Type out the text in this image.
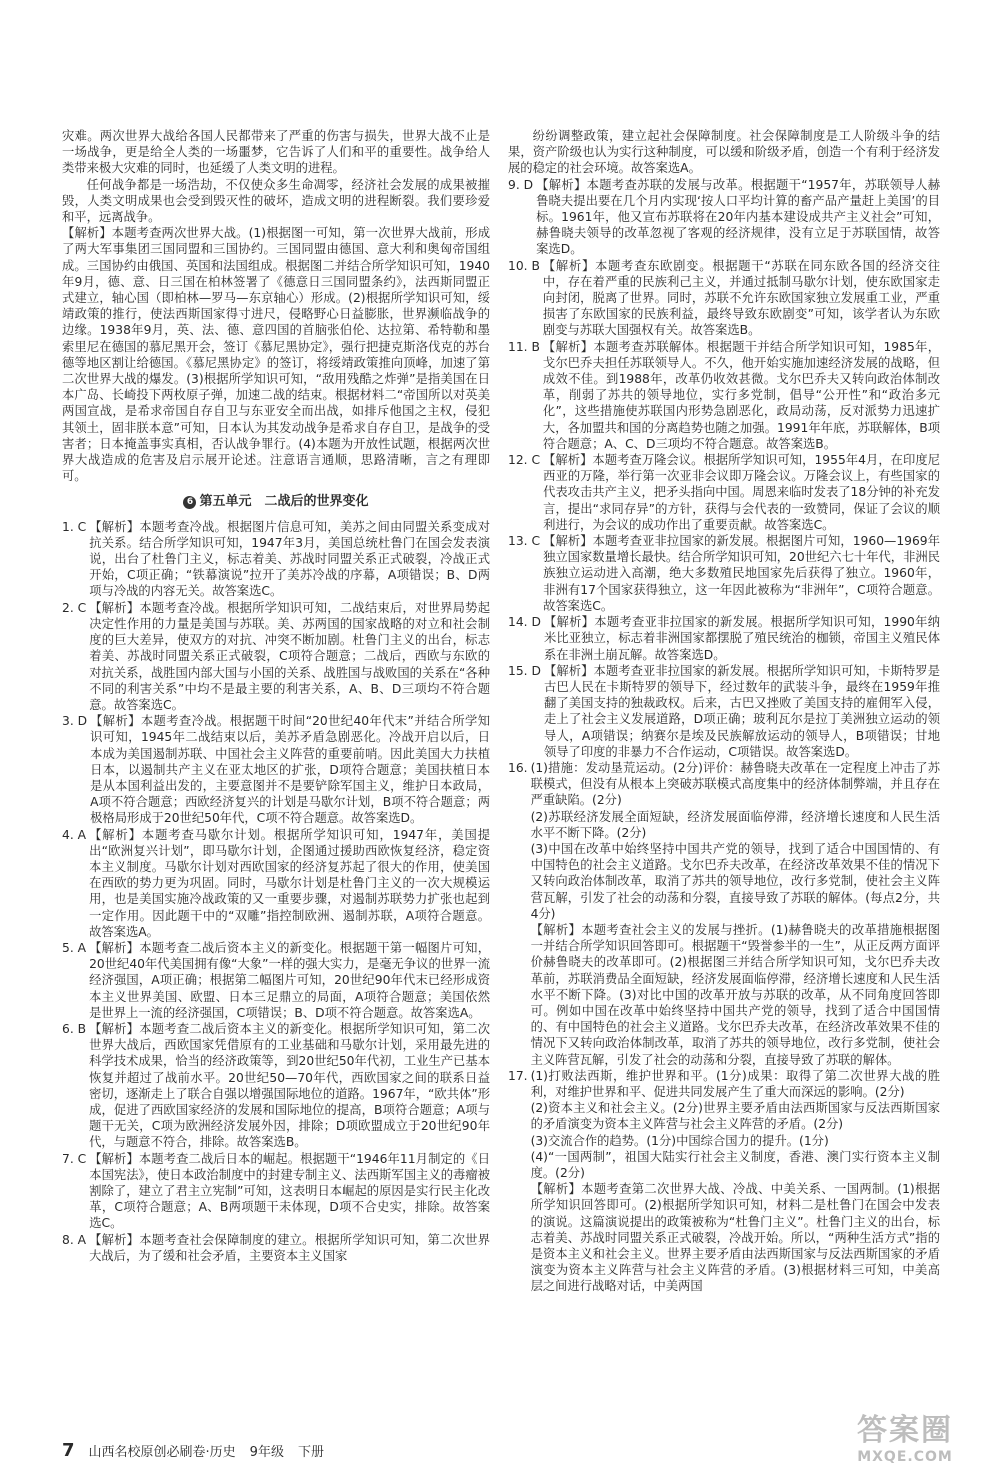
灾难。两次世界大战给各国人民都带来了严重的伤害与损失，世界大战不止是一场战争，更是给全人类的一场噩梦，它告诉了人们和平的重要性。战争给人类带来极大灾难的同时，也延缓了人类文明的进程。

任何战争都是一场浩劫，不仅使众多生命凋零，经济社会发展的成果被摧毁，人类文明成果也会受到毁灭性的破坏，造成文明的进程断裂。我们要珍爱和平，远离战争。

【解析】本题考查两次世界大战。(1)根据图一可知，第一次世界大战前，形成了两大军事集团三国同盟和三国协约。三国同盟由德国、意大利和奥匈帝国组成。三国协约由俄国、英国和法国组成。根据图二并结合所学知识可知，1940年9月，德、意、日三国在柏林签署了《德意日三国同盟条约》，法西斯同盟正式建立，轴心国（即柏林—罗马—东京轴心）形成。(2)根据所学知识可知，绥靖政策的推行，使法西斯国家得寸进尺，侵略野心日益膨胀，世界濒临战争的边缘。1938年9月，英、法、德、意四国的首脑张伯伦、达拉第、希特勒和墨索里尼在德国的慕尼黑开会，签订《慕尼黑协定》，强行把捷克斯洛伐克的苏台德等地区割让给德国。《慕尼黑协定》的签订，将绥靖政策推向顶峰，加速了第二次世界大战的爆发。(3)根据所学知识可知，“敌用残酷之炸弹”是指美国在日本广岛、长崎投下两枚原子弹，加速二战的结束。根据材料二“帝国所以对英美两国宣战，是希求帝国自存自卫与东亚安全而出战，如排斥他国之主权，侵犯其领土，固非朕本意”可知，日本认为其发动战争是希求自存自卫，是战争的受害者；日本掩盖事实真相，否认战争罪行。(4)本题为开放性试题，根据两次世界大战造成的危害及启示展开论述。注意语言通顺，思路清晰，言之有理即可。

6 第五单元　二战后的世界变化
1. C 【解析】本题考查冷战。根据图片信息可知，美苏之间由同盟关系变成对抗关系。结合所学知识可知，1947年3月，美国总统杜鲁门在国会发表演说，出台了杜鲁门主义，标志着美、苏战时同盟关系正式破裂，冷战正式开始，C项正确；“铁幕演说”拉开了美苏冷战的序幕，A项错误；B、D两项与冷战的内容无关。故答案选C。
2. C 【解析】本题考查冷战。根据所学知识可知，二战结束后，对世界局势起决定性作用的力量是美国与苏联。美、苏两国的国家战略的对立和社会制度的巨大差异，使双方的对抗、冲突不断加剧。杜鲁门主义的出台，标志着美、苏战时同盟关系正式破裂，C项符合题意；二战后，西欧与东欧的对抗关系，战胜国内部大国与小国的关系、战胜国与战败国的关系在“各种不同的利害关系”中均不是最主要的利害关系，A、B、D三项均不符合题意。故答案选C。
3. D 【解析】本题考查冷战。根据题干时间“20世纪40年代末”并结合所学知识可知，1945年二战结束以后，美苏矛盾急剧恶化。冷战开启以后，日本成为美国遏制苏联、中国社会主义阵营的重要前哨。因此美国大力扶植日本，以遏制共产主义在亚太地区的扩张，D项符合题意；美国扶植日本是从本国利益出发的，主要意图并不是要铲除军国主义，维护日本政局，A项不符合题意；西欧经济复兴的计划是马歇尔计划，B项不符合题意；两极格局形成于20世纪50年代，C项不符合题意。故答案选D。
4. A 【解析】本题考查马歇尔计划。根据所学知识可知，1947年，美国提出“欧洲复兴计划”，即马歇尔计划，企图通过援助西欧恢复经济，稳定资本主义制度。马歇尔计划对西欧国家的经济复苏起了很大的作用，使美国在西欧的势力更为巩固。同时，马歇尔计划是杜鲁门主义的一次大规模运用，也是美国实施冷战政策的又一重要步骤，对遏制苏联势力扩张也起到一定作用。因此题干中的“双雕”指控制欧洲、遏制苏联，A项符合题意。故答案选A。
5. A 【解析】本题考查二战后资本主义的新变化。根据题干第一幅图片可知，20世纪40年代美国拥有像“大象”一样的强大实力，是毫无争议的世界一流经济强国，A项正确；根据第二幅图片可知，20世纪90年代末已经形成资本主义世界美国、欧盟、日本三足鼎立的局面，A项符合题意；美国依然是世界上一流的经济强国，C项错误；B、D项不符合题意。故答案选A。
6. B 【解析】本题考查二战后资本主义的新变化。根据所学知识可知，第二次世界大战后，西欧国家凭借原有的工业基础和马歇尔计划，采用最先进的科学技术成果，恰当的经济政策等，到20世纪50年代初，工业生产已基本恢复并超过了战前水平。20世纪50—70年代，西欧国家之间的联系日益密切，逐渐走上了联合自强以增强国际地位的道路。1967年，“欧共体”形成，促进了西欧国家经济的发展和国际地位的提高，B项符合题意；A项与题干无关，C项为欧洲经济发展外因，排除；D项欧盟成立于20世纪90年代，与题意不符合，排除。故答案选B。
7. C 【解析】本题考查二战后日本的崛起。根据题干“1946年11月制定的《日本国宪法》，使日本政治制度中的封建专制主义、法西斯军国主义的毒瘤被割除了，建立了君主立宪制”可知，这表明日本崛起的原因是实行民主化改革，C项符合题意；A、B两项题干未体现，D项不合史实，排除。故答案选C。
8. A 【解析】本题考查社会保障制度的建立。根据所学知识可知，第二次世界大战后，为了缓和社会矛盾，主要资本主义国家

纷纷调整政策，建立起社会保障制度。社会保障制度是工人阶级斗争的结果，资产阶级也认为实行这种制度，可以缓和阶级矛盾，创造一个有利于经济发展的稳定的社会环境。故答案选A。

9. D 【解析】本题考查苏联的发展与改革。根据题干“1957年，苏联领导人赫鲁晓夫提出要在几个月内实现‘按人口平均计算的畜产品产量赶上美国’的目标。1961年，他又宣布苏联将在20年内基本建设成共产主义社会”可知，赫鲁晓夫领导的改革忽视了客观的经济规律，没有立足于苏联国情，故答案选D。
10. B 【解析】本题考查东欧剧变。根据题干“苏联在同东欧各国的经济交往中，存在着严重的民族利己主义，并通过抵制马歇尔计划，使东欧国家走向封闭，脱离了世界。同时，苏联不允许东欧国家独立发展重工业，严重损害了东欧国家的民族利益，最终导致东欧剧变”可知，该学者认为东欧剧变与苏联大国强权有关。故答案选B。
11. B 【解析】本题考查苏联解体。根据题干并结合所学知识可知，1985年，戈尔巴乔夫担任苏联领导人。不久，他开始实施加速经济发展的战略，但成效不佳。到1988年，改革仍收效甚微。戈尔巴乔夫又转向政治体制改革，削弱了苏共的领导地位，实行多党制，倡导“公开性”和“政治多元化”，这些措施使苏联国内形势急剧恶化，政局动荡，反对派势力迅速扩大，各加盟共和国的分离趋势也随之加强。1991年年底，苏联解体，B项符合题意；A、C、D三项均不符合题意。故答案选B。
12. C 【解析】本题考查万隆会议。根据所学知识可知，1955年4月，在印度尼西亚的万隆，举行第一次亚非会议即万隆会议。万隆会议上，有些国家的代表攻击共产主义，把矛头指向中国。周恩来临时发表了18分钟的补充发言，提出“求同存异”的方针，获得与会代表的一致赞同，保证了会议的顺利进行，为会议的成功作出了重要贡献。故答案选C。
13. C 【解析】本题考查亚非拉国家的新发展。根据图片可知，1960—1969年独立国家数量增长最快。结合所学知识可知，20世纪六七十年代，非洲民族独立运动进入高潮，绝大多数殖民地国家先后获得了独立。1960年，非洲有17个国家获得独立，这一年因此被称为“非洲年”，C项符合题意。故答案选C。
14. D 【解析】本题考查亚非拉国家的新发展。根据所学知识可知，1990年纳米比亚独立，标志着非洲国家都摆脱了殖民统治的枷锁，帝国主义殖民体系在非洲土崩瓦解。故答案选D。
15. D 【解析】本题考查亚非拉国家的新发展。根据所学知识可知，卡斯特罗是古巴人民在卡斯特罗的领导下，经过数年的武装斗争，最终在1959年推翻了美国支持的独裁政权。后来，古巴又挫败了美国支持的雇佣军入侵，走上了社会主义发展道路，D项正确；玻利瓦尔是拉丁美洲独立运动的领导人，A项错误；纳赛尔是埃及民族解放运动的领导人，B项错误；甘地领导了印度的非暴力不合作运动，C项错误。故答案选D。
16. (1)措施：发动垦荒运动。(2分)评价：赫鲁晓夫改革在一定程度上冲击了苏联模式，但没有从根本上突破苏联模式高度集中的经济体制弊端，并且存在严重缺陷。(2分)
(2)苏联经济发展全面短缺，经济发展面临停滞，经济增长速度和人民生活水平不断下降。(2分)
(3)中国在改革中始终坚持中国共产党的领导，找到了适合中国国情的、有中国特色的社会主义道路。戈尔巴乔夫改革，在经济改革效果不佳的情况下又转向政治体制改革，取消了苏共的领导地位，改行多党制，使社会主义阵营瓦解，引发了社会的动荡和分裂，直接导致了苏联的解体。(每点2分，共4分)
【解析】本题考查社会主义的发展与挫折。(1)赫鲁晓夫的改革措施根据图一并结合所学知识回答即可。根据题干“毁誉参半的一生”，从正反两方面评价赫鲁晓夫的改革即可。(2)根据图三并结合所学知识可知，戈尔巴乔夫改革前，苏联消费品全面短缺，经济发展面临停滞，经济增长速度和人民生活水平不断下降。(3)对比中国的改革开放与苏联的改革，从不同角度回答即可。例如中国在改革中始终坚持中国共产党的领导，找到了适合中国国情的、有中国特色的社会主义道路。戈尔巴乔夫改革，在经济改革效果不佳的情况下又转向政治体制改革，取消了苏共的领导地位，改行多党制，使社会主义阵营瓦解，引发了社会的动荡和分裂，直接导致了苏联的解体。
17. (1)打败法西斯，维护世界和平。(1分)成果：取得了第二次世界大战的胜利，对维护世界和平、促进共同发展产生了重大而深远的影响。(2分)
(2)资本主义和社会主义。(2分)世界主要矛盾由法西斯国家与反法西斯国家的矛盾演变为资本主义阵营与社会主义阵营的矛盾。(2分)
(3)交流合作的趋势。(1分)中国综合国力的提升。(1分)
(4)“一国两制”，祖国大陆实行社会主义制度，香港、澳门实行资本主义制度。(2分)
【解析】本题考查第二次世界大战、冷战、中美关系、一国两制。(1)根据所学知识回答即可。(2)根据所学知识可知，材料二是杜鲁门在国会中发表的演说。这篇演说提出的政策被称为“杜鲁门主义”。杜鲁门主义的出台，标志着美、苏战时同盟关系正式破裂，冷战开始。所以，“两种生活方式”指的是资本主义和社会主义。世界主要矛盾由法西斯国家与反法西斯国家的矛盾演变为资本主义阵营与社会主义阵营的矛盾。(3)根据材料三可知，中美高层之间进行战略对话，中美两国
7 山西名校原创必刷卷·历史 9年级 下册
答案圈
MXQE.COM
